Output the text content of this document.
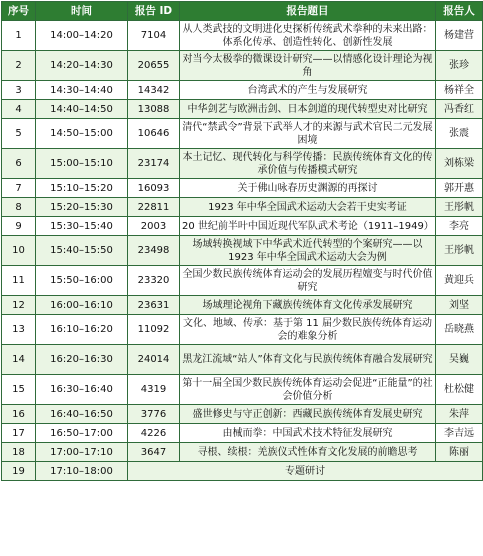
序号	时间	报告 ID	报告题目	报告人
1	14:00–14:20	7104	从人类武技的文明进化史探析传统武术拳种的未来出路：体系化传承、创造性转化、创新性发展	杨建营
2	14:20–14:30	20655	对当今太极拳的微课设计研究——以情感化设计理论为视角	张珍
3	14:30–14:40	14342	台湾武术的产生与发展研究	杨祥全
4	14:40–14:50	13088	中华剑艺与欧洲击剑、日本剑道的现代转型史对比研究	冯香红
5	14:50–15:00	10646	清代“禁武令”背景下武举人才的来源与武术官民二元发展困境	张震
6	15:00–15:10	23174	本土记忆、现代转化与科学传播：民族传统体育文化的传承价值与传播模式研究	刘栋梁
7	15:10–15:20	16093	关于佛山咏春历史渊源的再探讨	郭开惠
8	15:20–15:30	22811	1923 年中华全国武术运动大会若干史实考证	王彤帆
9	15:30–15:40	2003	20 世纪前半叶中国近现代军队武术考论（1911–1949）	李亮
10	15:40–15:50	23498	场域转换视域下中华武术近代转型的个案研究——以 1923 年中华全国武术运动大会为例	王彤帆
11	15:50–16:00	23320	全国少数民族传统体育运动会的发展历程嬗变与时代价值研究	黄迎兵
12	16:00–16:10	23631	场域理论视角下藏族传统体育文化传承发展研究	刘坚
13	16:10–16:20	11092	文化、地域、传承：基于第 11 届少数民族传统体育运动会的难象分析	岳晓燕
14	16:20–16:30	24014	黑龙江流域“站人”体育文化与民族传统体育融合发展研究	吴巍
15	16:30–16:40	4319	第十一届全国少数民族传统体育运动会促进“正能量”的社会价值分析	杜松健
16	16:40–16:50	3776	盛世修史与守正创新：西藏民族传统体育发展史研究	朱萍
17	16:50–17:00	4226	由械而拳：中国武术技术特征发展研究	李吉远
18	17:00–17:10	3647	寻根、续根：羌族仪式性体育文化发展的前瞻思考	陈丽
19	17:10–18:00	专题研讨		
